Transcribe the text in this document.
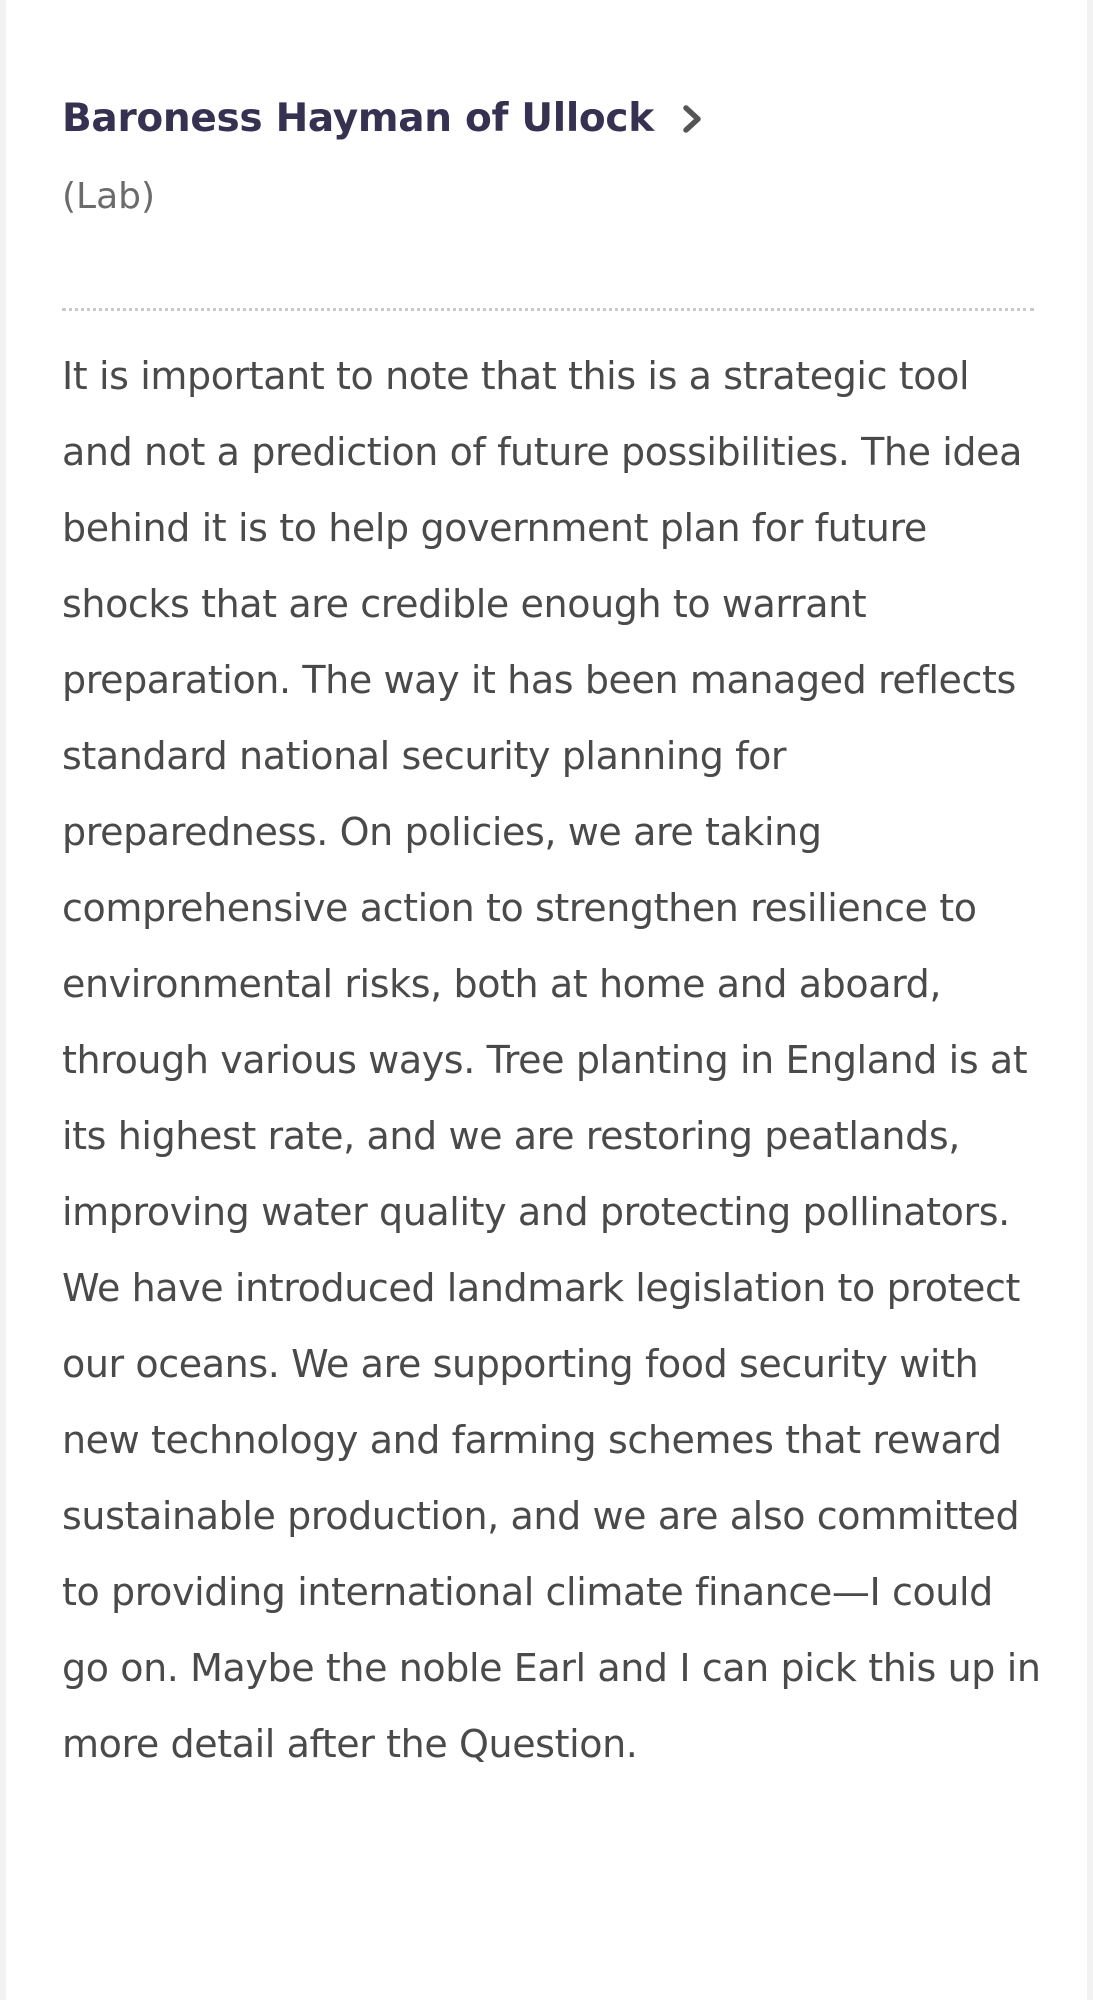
Baroness Hayman of Ullock
(Lab)

It is important to note that this is a strategic tool and not a prediction of future possibilities. The idea behind it is to help government plan for future shocks that are credible enough to warrant preparation. The way it has been managed reflects standard national security planning for preparedness. On policies, we are taking comprehensive action to strengthen resilience to environmental risks, both at home and aboard, through various ways. Tree planting in England is at its highest rate, and we are restoring peatlands, improving water quality and protecting pollinators. We have introduced landmark legislation to protect our oceans. We are supporting food security with new technology and farming schemes that reward sustainable production, and we are also committed to providing international climate finance—I could go on. Maybe the noble Earl and I can pick this up in more detail after the Question.
